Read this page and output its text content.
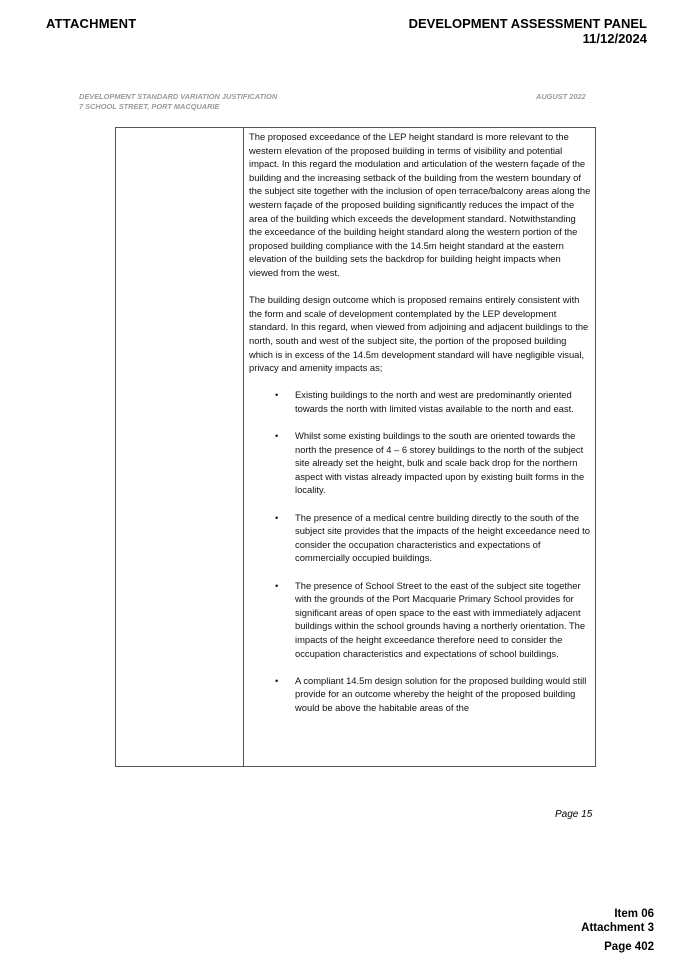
ATTACHMENT	DEVELOPMENT ASSESSMENT PANEL
11/12/2024
DEVELOPMENT STANDARD VARIATION JUSTIFICATION
7 SCHOOL STREET, PORT MACQUARIE
AUGUST 2022

The proposed exceedance of the LEP height standard is more relevant to the western elevation of the proposed building in terms of visibility and potential impact. In this regard the modulation and articulation of the western façade of the building and the increasing setback of the building from the western boundary of the subject site together with the inclusion of open terrace/balcony areas along the western façade of the proposed building significantly reduces the impact of the area of the building which exceeds the development standard. Notwithstanding the exceedance of the building height standard along the western portion of the proposed building compliance with the 14.5m height standard at the eastern elevation of the building sets the backdrop for building height impacts when viewed from the west.

The building design outcome which is proposed remains entirely consistent with the form and scale of development contemplated by the LEP development standard. In this regard, when viewed from adjoining and adjacent buildings to the north, south and west of the subject site, the portion of the proposed building which is in excess of the 14.5m development standard will have negligible visual, privacy and amenity impacts as;

• Existing buildings to the north and west are predominantly oriented towards the north with limited vistas available to the north and east.
• Whilst some existing buildings to the south are oriented towards the north the presence of 4 – 6 storey buildings to the north of the subject site already set the height, bulk and scale back drop for the northern aspect with vistas already impacted upon by existing built forms in the locality.
• The presence of a medical centre building directly to the south of the subject site provides that the impacts of the height exceedance need to consider the occupation characteristics and expectations of commercially occupied buildings.
• The presence of School Street to the east of the subject site together with the grounds of the Port Macquarie Primary School provides for significant areas of open space to the east with immediately adjacent buildings within the school grounds having a northerly orientation. The impacts of the height exceedance therefore need to consider the occupation characteristics and expectations of school buildings.
• A compliant 14.5m design solution for the proposed building would still provide for an outcome whereby the height of the proposed building would be above the habitable areas of the
Page 15
Item 06
Attachment 3
Page 402
